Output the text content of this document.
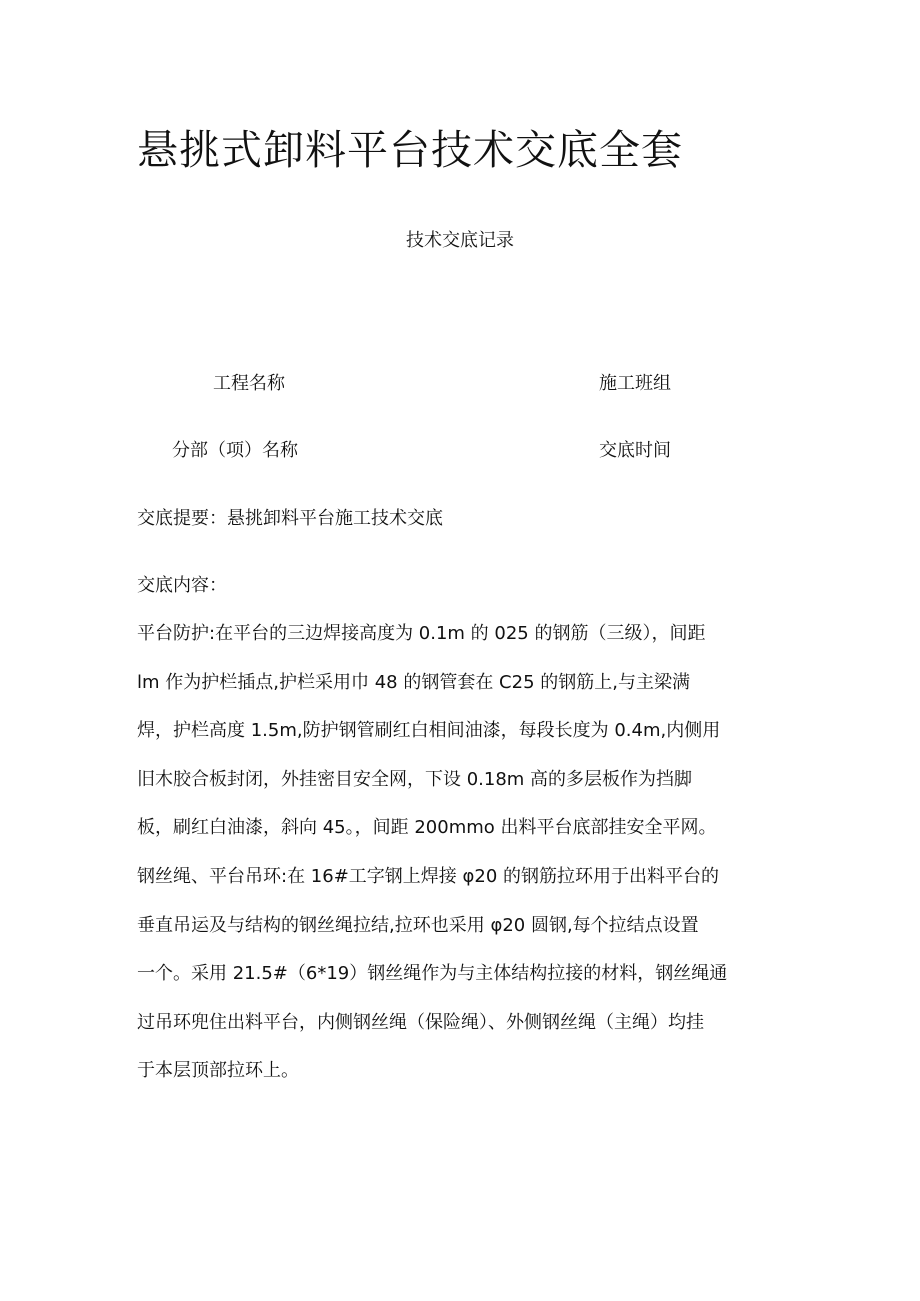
悬挑式卸料平台技术交底全套
技术交底记录
工程名称	施工班组
分部（项）名称	交底时间
交底提要：悬挑卸料平台施工技术交底
交底内容：
平台防护:在平台的三边焊接高度为 0.1m 的 025 的钢筋（三级），间距
lm 作为护栏插点,护栏采用巾 48 的钢管套在 C25 的钢筋上,与主梁满
焊，护栏高度 1.5m,防护钢管刷红白相间油漆，每段长度为 0.4m,内侧用
旧木胶合板封闭，外挂密目安全网，下设 0.18m 高的多层板作为挡脚
板，刷红白油漆，斜向 45。，间距 200mmo 出料平台底部挂安全平网。
钢丝绳、平台吊环:在 16#工字钢上焊接 φ20 的钢筋拉环用于出料平台的
垂直吊运及与结构的钢丝绳拉结,拉环也采用 φ20 圆钢,每个拉结点设置
一个。采用 21.5#（6*19）钢丝绳作为与主体结构拉接的材料，钢丝绳通
过吊环兜住出料平台，内侧钢丝绳（保险绳）、外侧钢丝绳（主绳）均挂
于本层顶部拉环上。
